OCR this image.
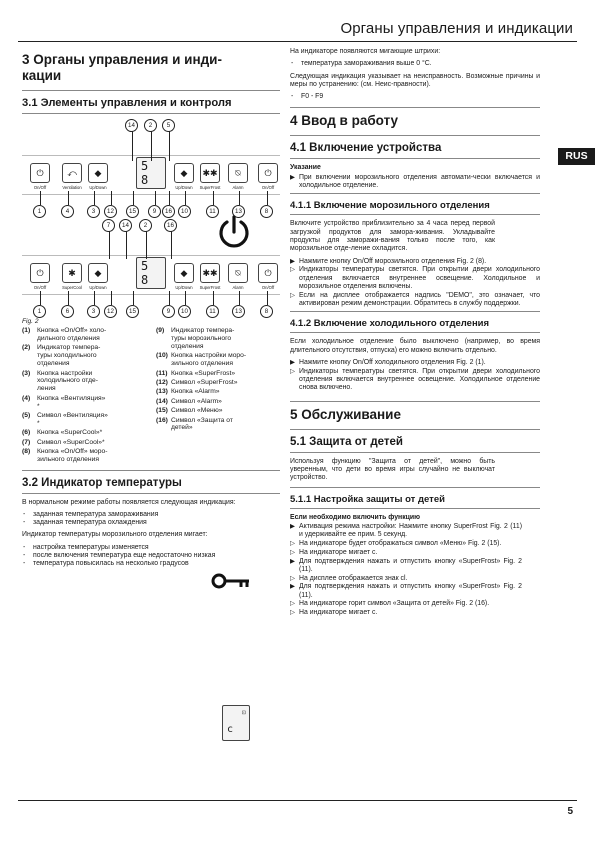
Органы управления и индикации
RUS
3 Органы управления и инди-
кации
3.1 Элементы управления и контроля
⏻
On/Off
⤺
Ventilation
◆
Up/Down
◆
Up/Down
✱✱
SuperFrost
⍉
Alarm
⏻
On/Off
5
8
14	2	5
1	4	3	12	15	9	16	10	11	13	8
⏻
On/Off
✱
SuperCool
◆
Up/Down
◆
Up/Down
✱✱
SuperFrost
⍉
Alarm
⏻
On/Off
5
8
7	14	2	16
1	6	3	12	15	9	10	11	13	8
Fig. 2
(1)	Кнопка «On/Off» холо-
дильного отделения
(2)	Индикатор темпера-
туры холодильного
отделения
(3)	Кнопка настройки
холодильного отде-
ления
(4)	Кнопка «Вентиляция»
*
(5)	Символ «Вентиляция»
*
(6)	Кнопка «SuperCool»*
(7)	Символ «SuperCool»*
(8)	Кнопка «On/Off» моро-
зильного отделения
(9)	Индикатор темпера-
туры морозильного
отделения
(10) Кнопка настройки моро-
зильного отделения
(11) Кнопка «SuperFrost»
(12) Символ «SuperFrost»
(13) Кнопка «Alarm»
(14) Символ «Alarm»
(15) Символ «Меню»
(16) Символ «Защита от
детей»
3.2 Индикатор температуры

В нормальном режиме работы появляется следующая индикация:

- заданная температура замораживания
- заданная температура охлаждения

Индикатор температуры морозильного отделения мигает:

- настройка температуры изменяется
- после включения температура еще недостаточно низкая
- температура повысилась на несколько градусов

На индикаторе появляются мигающие штрихи:

- температура замораживания выше 0 °C.

Следующая индикация указывает на неисправность. Возможные причины и меры по устранению: (см. Неис-правности).

- F0 - F9
4 Ввод в работу
4.1 Включение устройства

Указание

▶ При включении морозильного отделения автомати-чески включается и холодильное отделение.
4.1.1 Включение морозильного отделения

Включите устройство приблизительно за 4 часа перед первой загрузкой продуктов для замора-живания. Укладывайте продукты для заморажи-вания только после того, как морозильное отде-ление охладится.

▶ Нажмите кнопку On/Off морозильного отделения Fig. 2 (8).
▷ Индикаторы температуры светятся. При открытии двери холодильного отделения включается внутреннее освещение. Холодильное и морозильное отделения включены.
▷ Если на дисплее отображается надпись "DEMO", это означает, что активирован режим демонстрации. Обратитесь в службу поддержки.
4.1.2 Включение холодильного отделения

Если холодильное отделение было выключено (например, во время длительного отсутствия, отпуска) его можно включить отдельно.

▶ Нажмите кнопку On/Off холодильного отделения Fig. 2 (1).
▷ Индикаторы температуры светятся. При открытии двери холодильного отделения включается внутреннее освещение. Холодильное отделение снова включено.
5 Обслуживание
5.1 Защита от детей

Используя функцию "Защита от детей", можно быть уверенным, что дети во время игры случайно не выключат устройство.

5.1.1 Настройка защиты от детей

Если необходимо включить функцию

▶ Активация режима настройки: Нажмите кнопку SuperFrost Fig. 2 (11) и удерживайте ее прим. 5 секунд.
▷ На индикаторе будет отображаться символ «Меню» Fig. 2 (15).
▷ На индикаторе мигает c.
▶ Для подтверждения нажать и отпустить кнопку «SuperFrost» Fig. 2 (11).
▷ На дисплее отображается знак cl.
▶ Для подтверждения нажать и отпустить кнопку «SuperFrost» Fig. 2 (11).
▷ На индикаторе горит символ «Защита от детей» Fig. 2 (16).
▷ На индикаторе мигает c.
⊡
c
5
